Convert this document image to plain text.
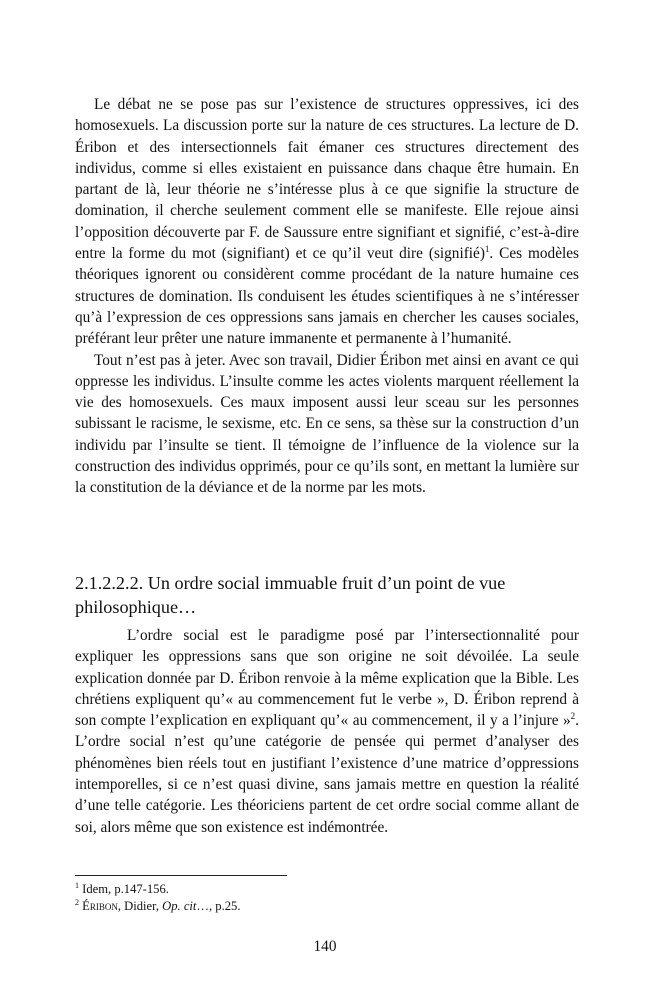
Le débat ne se pose pas sur l’existence de structures oppressives, ici des homosexuels. La discussion porte sur la nature de ces structures. La lecture de D. Éribon et des intersectionnels fait émaner ces structures directement des individus, comme si elles existaient en puissance dans chaque être humain. En partant de là, leur théorie ne s’intéresse plus à ce que signifie la structure de domination, il cherche seulement comment elle se manifeste. Elle rejoue ainsi l’opposition découverte par F. de Saussure entre signifiant et signifié, c’est-à-dire entre la forme du mot (signifiant) et ce qu’il veut dire (signifié)$^1$. Ces modèles théoriques ignorent ou considèrent comme procédant de la nature humaine ces structures de domination. Ils conduisent les études scientifiques à ne s’intéresser qu’à l’expression de ces oppressions sans jamais en chercher les causes sociales, préférant leur prêter une nature immanente et permanente à l’humanité.

Tout n’est pas à jeter. Avec son travail, Didier Éribon met ainsi en avant ce qui oppresse les individus. L’insulte comme les actes violents marquent réellement la vie des homosexuels. Ces maux imposent aussi leur sceau sur les personnes subissant le racisme, le sexisme, etc. En ce sens, sa thèse sur la construction d’un individu par l’insulte se tient. Il témoigne de l’influence de la violence sur la construction des individus opprimés, pour ce qu’ils sont, en mettant la lumière sur la constitution de la déviance et de la norme par les mots.

2.1.2.2.2. Un ordre social immuable fruit d’un point de vue philosophique…

L’ordre social est le paradigme posé par l’intersectionnalité pour expliquer les oppressions sans que son origine ne soit dévoilée. La seule explication donnée par D. Éribon renvoie à la même explication que la Bible. Les chrétiens expliquent qu’« au commencement fut le verbe », D. Éribon reprend à son compte l’explication en expliquant qu’« au commencement, il y a l’injure »$^2$. L’ordre social n’est qu’une catégorie de pensée qui permet d’analyser des phénomènes bien réels tout en justifiant l’existence d’une matrice d’oppressions intemporelles, si ce n’est quasi divine, sans jamais mettre en question la réalité d’une telle catégorie. Les théoriciens partent de cet ordre social comme allant de soi, alors même que son existence est indémontrée.

$^1$ Idem, p.147-156.
$^2$ Éribon, Didier, Op. cit…, p.25.
140
